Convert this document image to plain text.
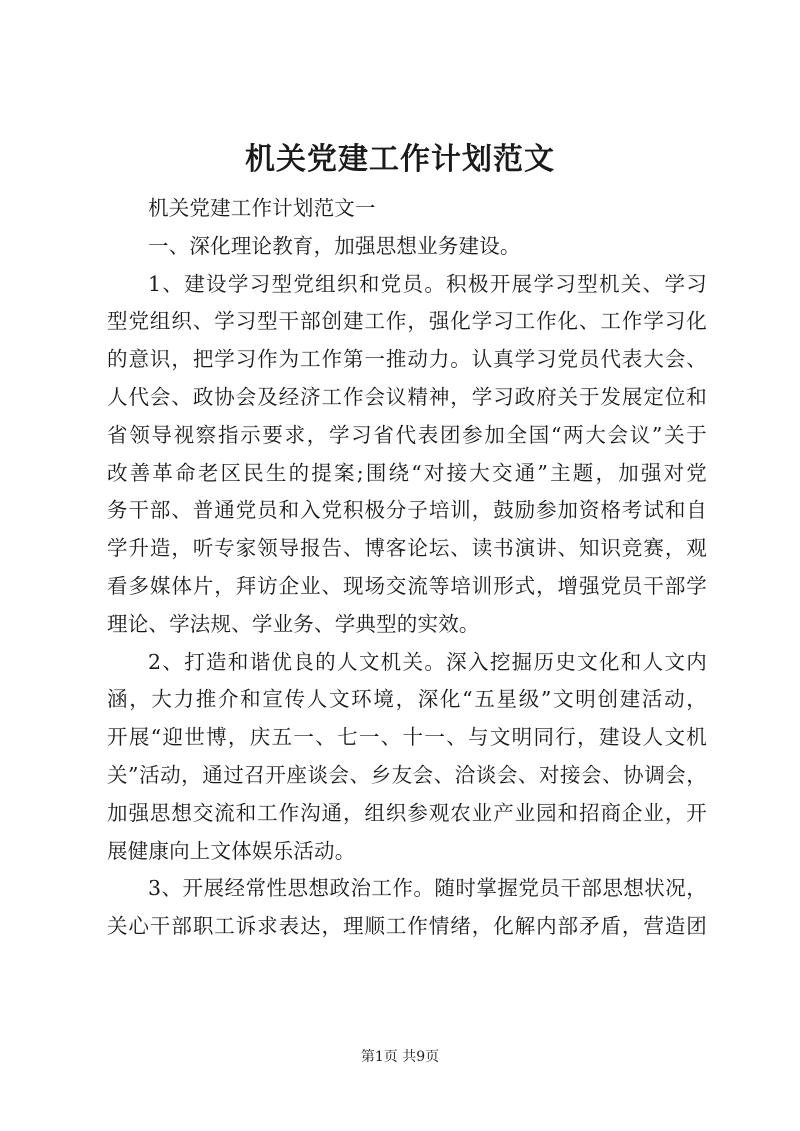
机关党建工作计划范文
机关党建工作计划范文一
一、深化理论教育，加强思想业务建设。
1、建设学习型党组织和党员。积极开展学习型机关、学习
型党组织、学习型干部创建工作，强化学习工作化、工作学习化
的意识，把学习作为工作第一推动力。认真学习党员代表大会、
人代会、政协会及经济工作会议精神，学习政府关于发展定位和
省领导视察指示要求，学习省代表团参加全国“两大会议”关于
改善革命老区民生的提案;围绕“对接大交通”主题，加强对党
务干部、普通党员和入党积极分子培训，鼓励参加资格考试和自
学升造，听专家领导报告、博客论坛、读书演讲、知识竞赛，观
看多媒体片，拜访企业、现场交流等培训形式，增强党员干部学
理论、学法规、学业务、学典型的实效。
2、打造和谐优良的人文机关。深入挖掘历史文化和人文内
涵，大力推介和宣传人文环境，深化“五星级”文明创建活动，
开展“迎世博，庆五一、七一、十一、与文明同行，建设人文机
关”活动，通过召开座谈会、乡友会、洽谈会、对接会、协调会，
加强思想交流和工作沟通，组织参观农业产业园和招商企业，开
展健康向上文体娱乐活动。
3、开展经常性思想政治工作。随时掌握党员干部思想状况，
关心干部职工诉求表达，理顺工作情绪，化解内部矛盾，营造团
第1页 共9页
